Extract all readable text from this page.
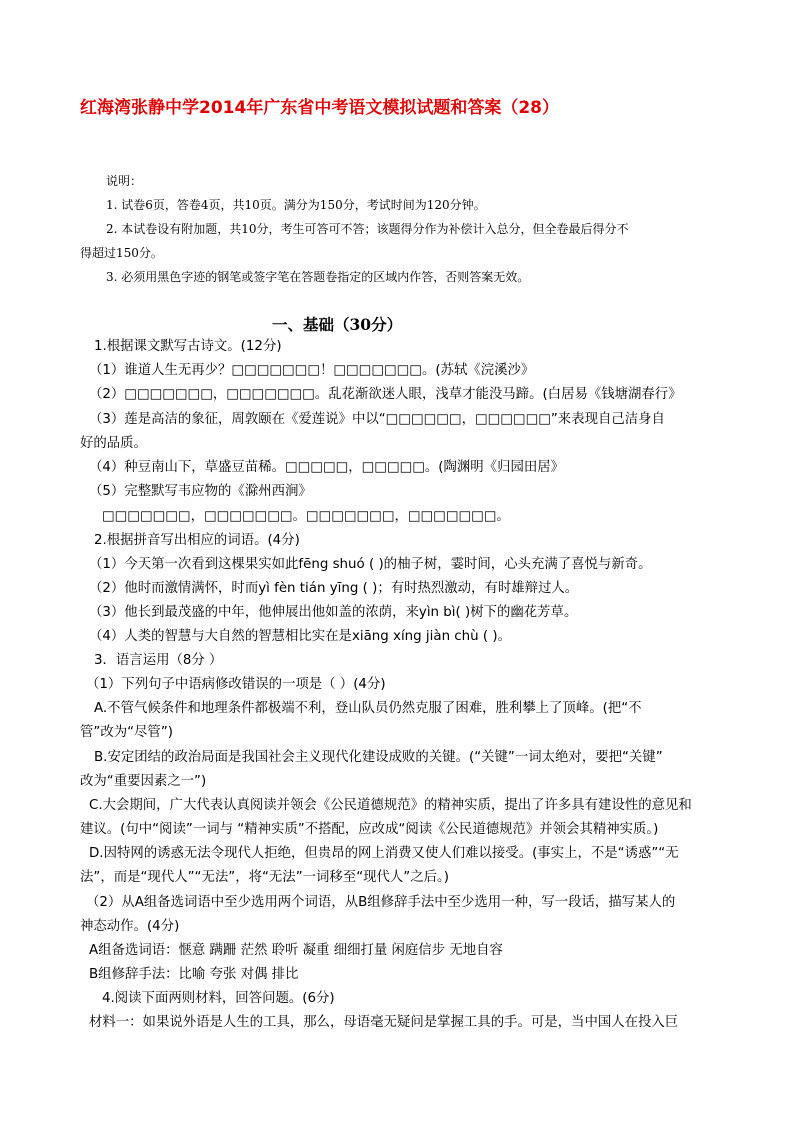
红海湾张静中学2014年广东省中考语文模拟试题和答案（28）
说明：
1. 试卷6页，答卷4页，共10页。满分为150分，考试时间为120分钟。
2. 本试卷设有附加题，共10分，考生可答可不答；该题得分作为补偿计入总分，但全卷最后得分不
得超过150分。
3. 必须用黑色字迹的钢笔或签字笔在答题卷指定的区域内作答，否则答案无效。
一、基础（30分）
1.根据课文默写古诗文。(12分)
（1）谁道人生无再少？□□□□□□□！□□□□□□□。(苏轼《浣溪沙》
（2）□□□□□□□，□□□□□□□。乱花渐欲迷人眼，浅草才能没马蹄。(白居易《钱塘湖春行》
（3）莲是高洁的象征，周敦颐在《爱莲说》中以“□□□□□□，□□□□□□”来表现自己洁身自
好的品质。
（4）种豆南山下，草盛豆苗稀。□□□□□，□□□□□。(陶渊明《归园田居》
（5）完整默写韦应物的《滁州西涧》
□□□□□□□，□□□□□□□。□□□□□□□，□□□□□□□。
2.根据拼音写出相应的词语。(4分)
（1）今天第一次看到这棵果实如此fēng shuó ( )的柚子树，霎时间，心头充满了喜悦与新奇。
（2）他时而激情满怀，时而yì fèn tián yīng ( )；有时热烈激动，有时雄辩过人。
（3）他长到最茂盛的中年，他伸展出他如盖的浓荫，来yìn bì( )树下的幽花芳草。
（4）人类的智慧与大自然的智慧相比实在是xiāng xíng jiàn chù ( )。
3．语言运用（8分 ）
（1）下列句子中语病修改错误的一项是（ ）(4分)
A.不管气候条件和地理条件都极端不利，登山队员仍然克服了困难，胜利攀上了顶峰。(把“不
管”改为“尽管”)
B.安定团结的政治局面是我国社会主义现代化建设成败的关键。(“关键”一词太绝对，要把“关键”
改为“重要因素之一”)
C.大会期间，广大代表认真阅读并领会《公民道德规范》的精神实质，提出了许多具有建设性的意见和
建议。(句中“阅读”一词与 “精神实质”不搭配，应改成“阅读《公民道德规范》并领会其精神实质。)
D.因特网的诱惑无法令现代人拒绝，但贵昂的网上消费又使人们难以接受。(事实上，不是“诱惑”“无
法”，而是“现代人”“无法”，将“无法”一词移至“现代人”之后。)
（2）从A组备选词语中至少选用两个词语，从B组修辞手法中至少选用一种，写一段话，描写某人的
神态动作。(4分)
A组备选词语：惬意 蹒跚 茫然 聆听 凝重 细细打量 闲庭信步 无地自容
B组修辞手法：比喻 夸张 对偶 排比
4.阅读下面两则材料，回答问题。(6分)
材料一：如果说外语是人生的工具，那么，母语毫无疑问是掌握工具的手。可是，当中国人在投入巨
